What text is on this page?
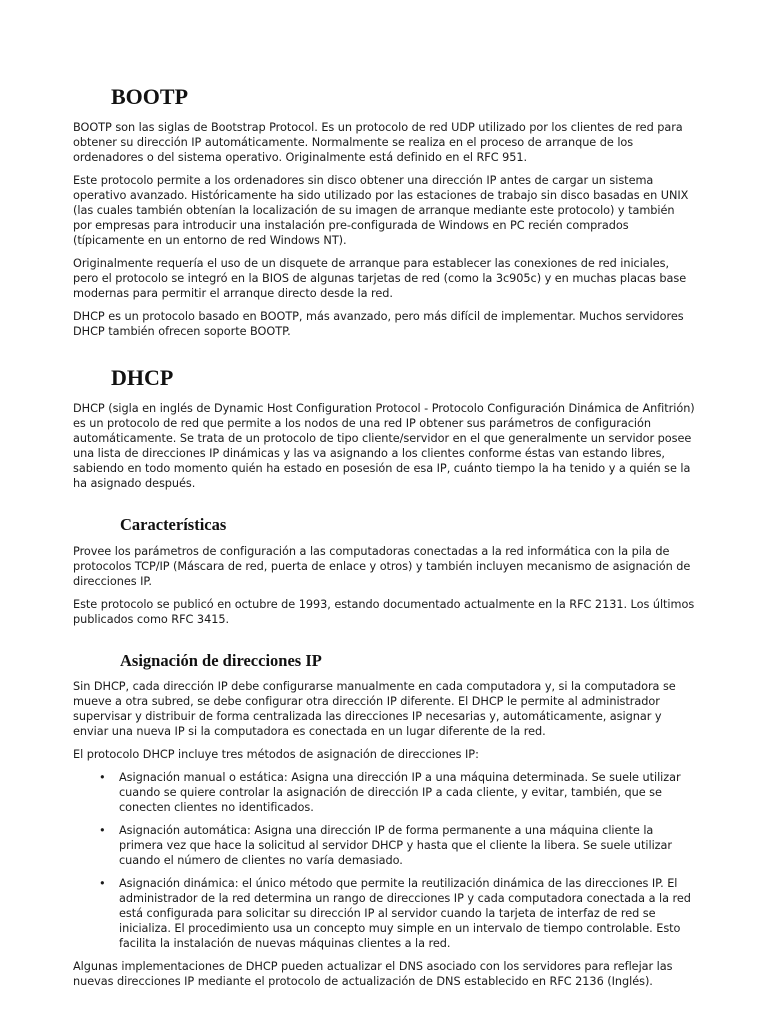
BOOTP

BOOTP son las siglas de Bootstrap Protocol. Es un protocolo de red UDP utilizado por los clientes de red para obtener su dirección IP automáticamente. Normalmente se realiza en el proceso de arranque de los ordenadores o del sistema operativo. Originalmente está definido en el RFC 951.

Este protocolo permite a los ordenadores sin disco obtener una dirección IP antes de cargar un sistema operativo avanzado. Históricamente ha sido utilizado por las estaciones de trabajo sin disco basadas en UNIX (las cuales también obtenían la localización de su imagen de arranque mediante este protocolo) y también por empresas para introducir una instalación pre-configurada de Windows en PC recién comprados (típicamente en un entorno de red Windows NT).

Originalmente requería el uso de un disquete de arranque para establecer las conexiones de red iniciales, pero el protocolo se integró en la BIOS de algunas tarjetas de red (como la 3c905c) y en muchas placas base modernas para permitir el arranque directo desde la red.

DHCP es un protocolo basado en BOOTP, más avanzado, pero más difícil de implementar. Muchos servidores DHCP también ofrecen soporte BOOTP.

DHCP

DHCP (sigla en inglés de Dynamic Host Configuration Protocol - Protocolo Configuración Dinámica de Anfitrión) es un protocolo de red que permite a los nodos de una red IP obtener sus parámetros de configuración automáticamente. Se trata de un protocolo de tipo cliente/servidor en el que generalmente un servidor posee una lista de direcciones IP dinámicas y las va asignando a los clientes conforme éstas van estando libres, sabiendo en todo momento quién ha estado en posesión de esa IP, cuánto tiempo la ha tenido y a quién se la ha asignado después.

Características

Provee los parámetros de configuración a las computadoras conectadas a la red informática con la pila de protocolos TCP/IP (Máscara de red, puerta de enlace y otros) y también incluyen mecanismo de asignación de direcciones IP.

Este protocolo se publicó en octubre de 1993, estando documentado actualmente en la RFC 2131. Los últimos publicados como RFC 3415.

Asignación de direcciones IP

Sin DHCP, cada dirección IP debe configurarse manualmente en cada computadora y, si la computadora se mueve a otra subred, se debe configurar otra dirección IP diferente. El DHCP le permite al administrador supervisar y distribuir de forma centralizada las direcciones IP necesarias y, automáticamente, asignar y enviar una nueva IP si la computadora es conectada en un lugar diferente de la red.

El protocolo DHCP incluye tres métodos de asignación de direcciones IP:

• Asignación manual o estática: Asigna una dirección IP a una máquina determinada. Se suele utilizar cuando se quiere controlar la asignación de dirección IP a cada cliente, y evitar, también, que se conecten clientes no identificados.
• Asignación automática: Asigna una dirección IP de forma permanente a una máquina cliente la primera vez que hace la solicitud al servidor DHCP y hasta que el cliente la libera. Se suele utilizar cuando el número de clientes no varía demasiado.
• Asignación dinámica: el único método que permite la reutilización dinámica de las direcciones IP. El administrador de la red determina un rango de direcciones IP y cada computadora conectada a la red está configurada para solicitar su dirección IP al servidor cuando la tarjeta de interfaz de red se inicializa. El procedimiento usa un concepto muy simple en un intervalo de tiempo controlable. Esto facilita la instalación de nuevas máquinas clientes a la red.

Algunas implementaciones de DHCP pueden actualizar el DNS asociado con los servidores para reflejar las nuevas direcciones IP mediante el protocolo de actualización de DNS establecido en RFC 2136 (Inglés).
